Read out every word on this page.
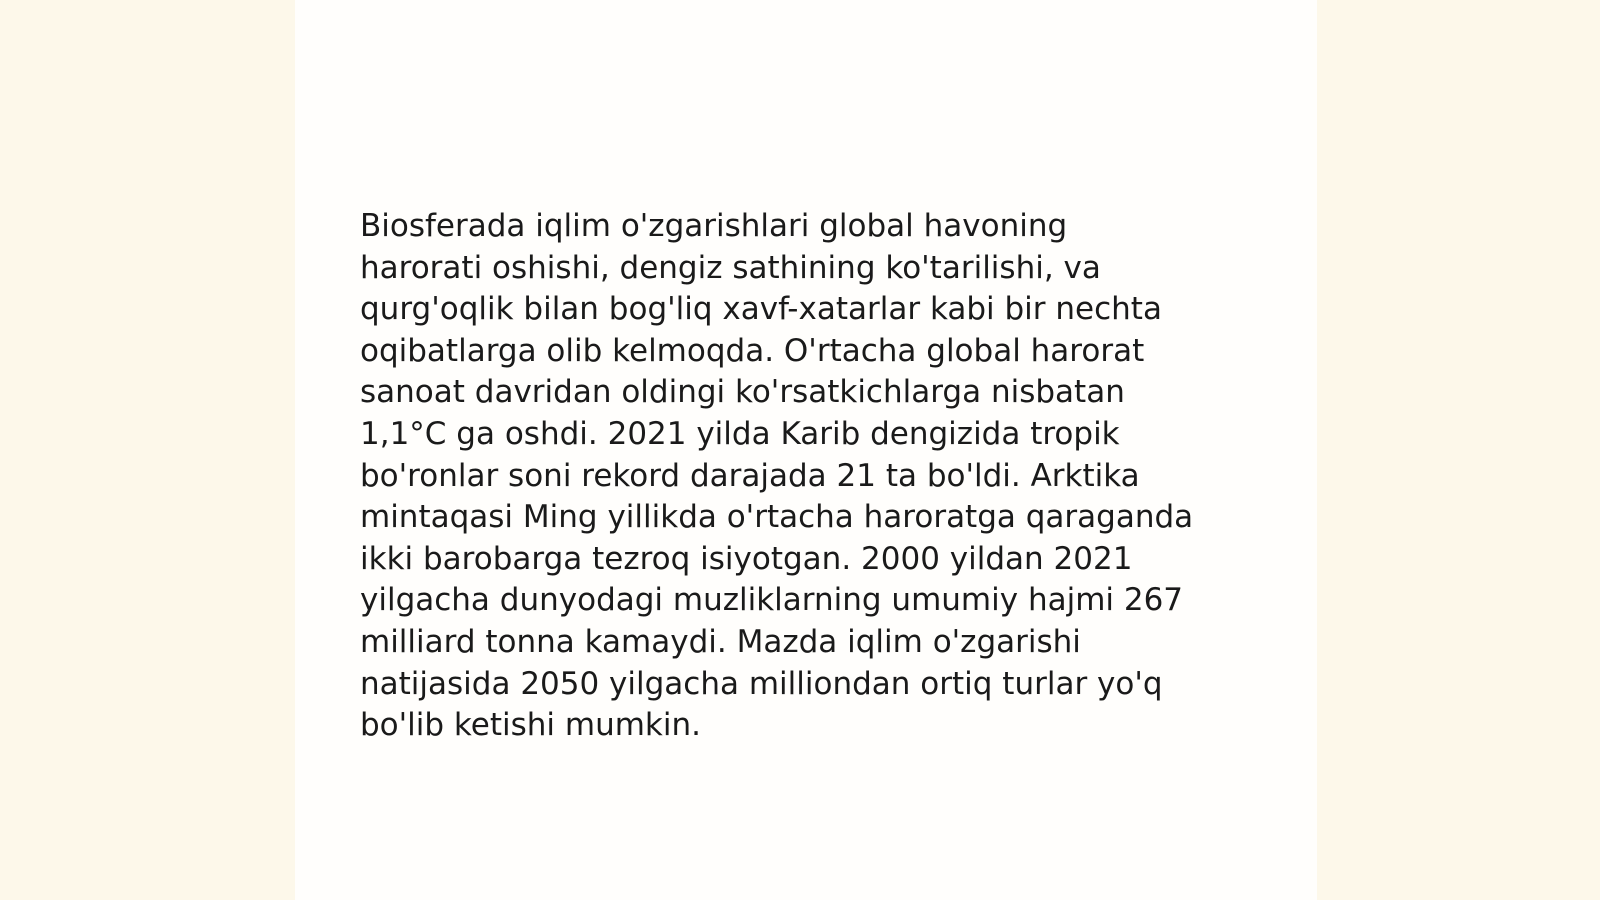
Biosferada iqlim o'zgarishlari global havoning
harorati oshishi, dengiz sathining ko'tarilishi, va
qurg'oqlik bilan bog'liq xavf-xatarlar kabi bir nechta
oqibatlarga olib kelmoqda. O'rtacha global harorat
sanoat davridan oldingi ko'rsatkichlarga nisbatan
1,1°C ga oshdi. 2021 yilda Karib dengizida tropik
bo'ronlar soni rekord darajada 21 ta bo'ldi. Arktika
mintaqasi Ming yillikda o'rtacha haroratga qaraganda
ikki barobarga tezroq isiyotgan. 2000 yildan 2021
yilgacha dunyodagi muzliklarning umumiy hajmi 267
milliard tonna kamaydi. Mazda iqlim o'zgarishi
natijasida 2050 yilgacha milliondan ortiq turlar yo'q
bo'lib ketishi mumkin.
